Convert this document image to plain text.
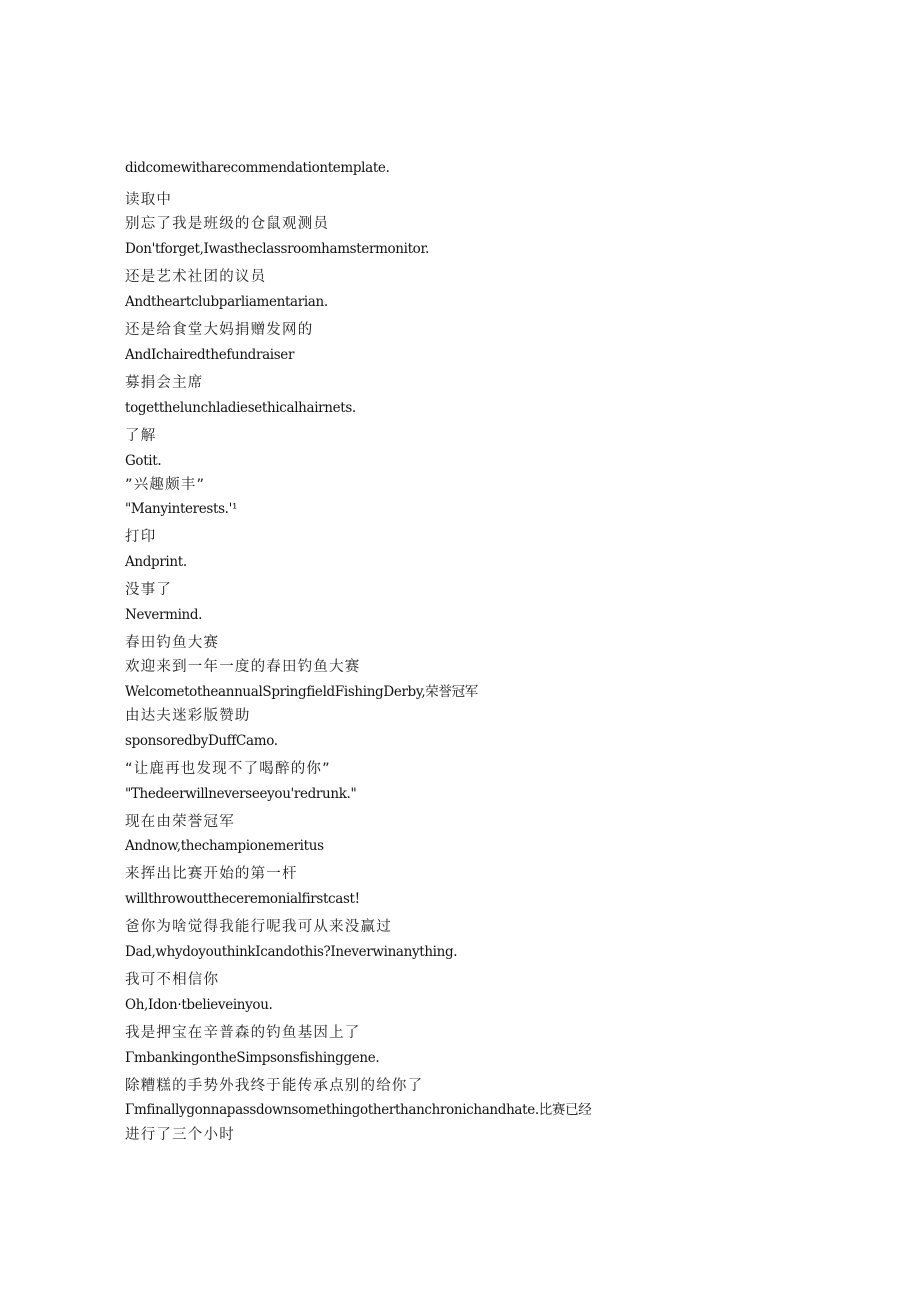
didcomewitharecommendationtemplate.
读取中
别忘了我是班级的仓鼠观测员
Don'tforget,Iwastheclassroomhamstermonitor.
还是艺术社团的议员
Andtheartclubparliamentarian.
还是给食堂大妈捐赠发网的
AndIchairedthefundraiser
募捐会主席
togetthelunchladiesethicalhairnets.
了解
Gotit.
”兴趣颇丰”
"Manyinterests.'¹
打印
Andprint.
没事了
Nevermind.
春田钓鱼大赛
欢迎来到一年一度的春田钓鱼大赛
WelcometotheannualSpringfieldFishingDerby,荣誉冠军
由达夫迷彩版赞助
sponsoredbyDuffCamo.
“让鹿再也发现不了喝醉的你”
"Thedeerwillneverseeyou'redrunk."
现在由荣誉冠军
Andnow,thechampionemeritus
来挥出比赛开始的第一杆
willthrowouttheceremonialfirstcast!
爸你为啥觉得我能行呢我可从来没赢过
Dad,whydoyouthinkIcandothis?Ineverwinanything.
我可不相信你
Oh,Idon·tbelieveinyou.
我是押宝在辛普森的钓鱼基因上了
ΓmbankingontheSimpsonsfishinggene.
除糟糕的手势外我终于能传承点别的给你了
Γmfinallygonnapassdownsomethingotherthanchronichandhate.比赛已经
进行了三个小时
